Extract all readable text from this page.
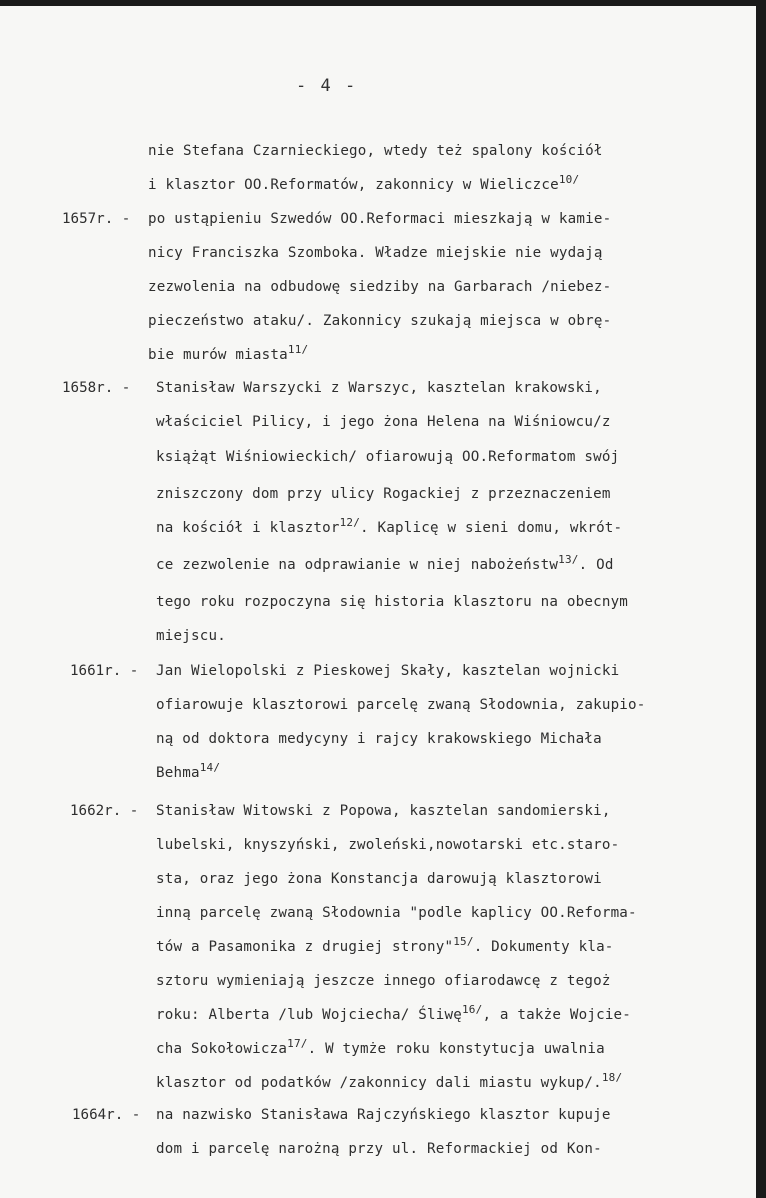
- 4 -
1657r. -
1658r. -
1661r. -
1662r. -
1664r. -
nie Stefana Czarnieckiego, wtedy też spalony kościół
i klasztor OO.Reformatów, zakonnicy w Wieliczce$^{10/}$
po ustąpieniu Szwedów OO.Reformaci mieszkają w kamie-
nicy Franciszka Szomboka. Władze miejskie nie wydają
zezwolenia na odbudowę siedziby na Garbarach /niebez-
pieczeństwo ataku/. Zakonnicy szukają miejsca w obrę-
bie murów miasta$^{11/}$
Stanisław Warszycki z Warszyc, kasztelan krakowski,
właściciel Pilicy, i jego żona Helena na Wiśniowcu/z
książąt Wiśniowieckich/ ofiarowują OO.Reformatom swój
zniszczony dom przy ulicy Rogackiej z przeznaczeniem
na kościół i klasztor$^{12/}$. Kaplicę w sieni domu, wkrót-
ce zezwolenie na odprawianie w niej nabożeństw$^{13/}$. Od
tego roku rozpoczyna się historia klasztoru na obecnym
miejscu.
Jan Wielopolski z Pieskowej Skały, kasztelan wojnicki
ofiarowuje klasztorowi parcelę zwaną Słodownia, zakupio-
ną od doktora medycyny i rajcy krakowskiego Michała
Behma$^{14/}$
Stanisław Witowski z Popowa, kasztelan sandomierski,
lubelski, knyszyński, zwoleński,nowotarski etc.staro-
sta, oraz jego żona Konstancja darowują klasztorowi
inną parcelę zwaną Słodownia "podle kaplicy OO.Reforma-
tów a Pasamonika z drugiej strony"$^{15/}$. Dokumenty kla-
sztoru wymieniają jeszcze innego ofiarodawcę z tegoż
roku: Alberta /lub Wojciecha/ Śliwę$^{16/}$, a także Wojcie-
cha Sokołowicza$^{17/}$. W tymże roku konstytucja uwalnia
klasztor od podatków /zakonnicy dali miastu wykup/.$^{18/}$
na nazwisko Stanisława Rajczyńskiego klasztor kupuje
dom i parcelę narożną przy ul. Reformackiej od Kon-
